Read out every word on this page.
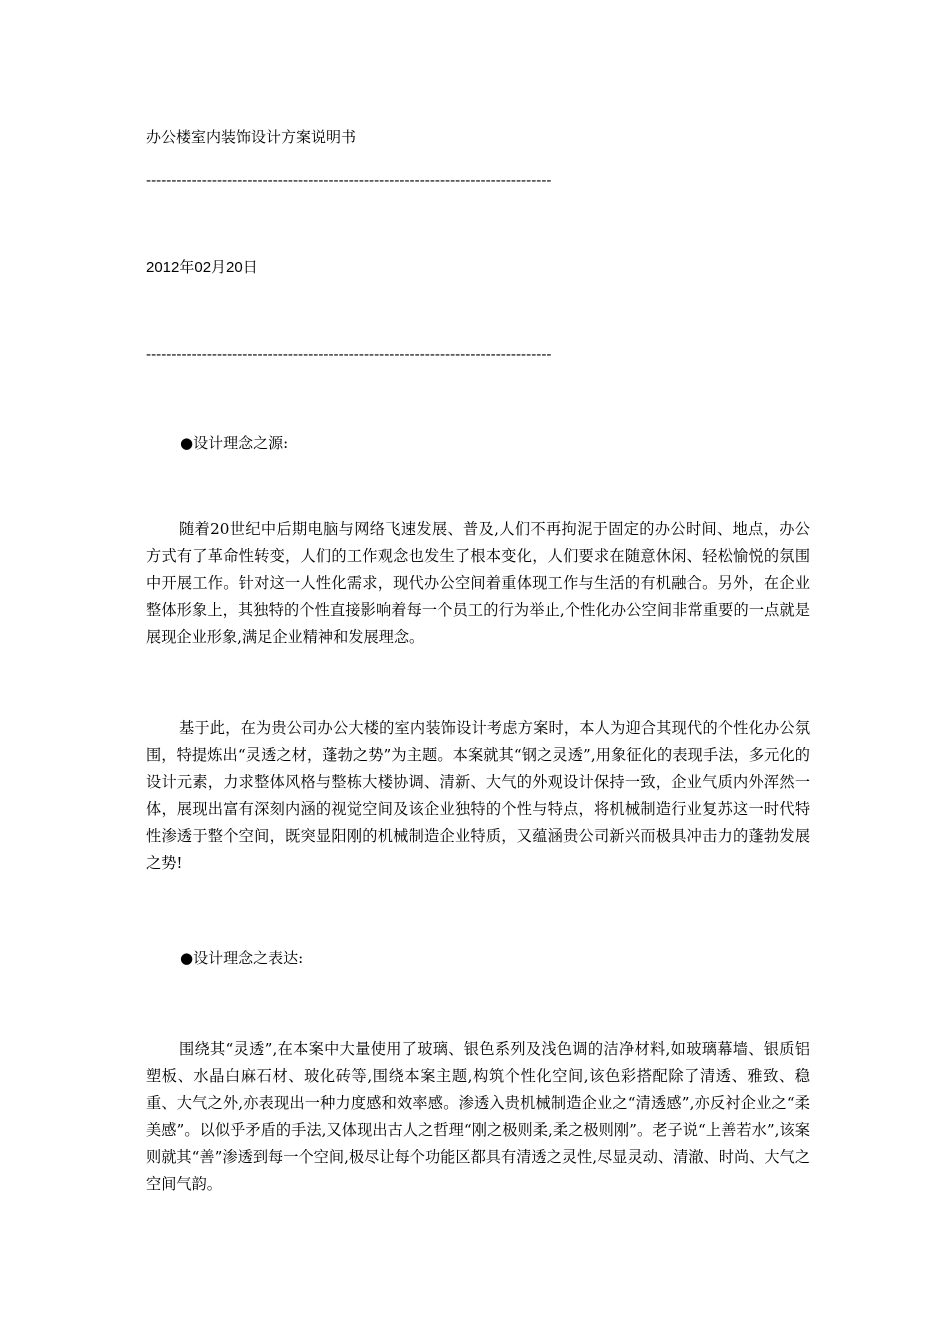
办公楼室内装饰设计方案说明书
--------------------------------------------------------------------------------
2012年02月20日
--------------------------------------------------------------------------------
●设计理念之源:

随着20世纪中后期电脑与网络飞速发展、普及,人们不再拘泥于固定的办公时间、地点，办公方式有了革命性转变，人们的工作观念也发生了根本变化，人们要求在随意休闲、轻松愉悦的氛围中开展工作。针对这一人性化需求，现代办公空间着重体现工作与生活的有机融合。另外，在企业整体形象上，其独特的个性直接影响着每一个员工的行为举止,个性化办公空间非常重要的一点就是展现企业形象,满足企业精神和发展理念。

基于此，在为贵公司办公大楼的室内装饰设计考虑方案时，本人为迎合其现代的个性化办公氛围，特提炼出“灵透之材，蓬勃之势”为主题。本案就其“钢之灵透”,用象征化的表现手法，多元化的设计元素，力求整体风格与整栋大楼协调、清新、大气的外观设计保持一致，企业气质内外浑然一体，展现出富有深刻内涵的视觉空间及该企业独特的个性与特点，将机械制造行业复苏这一时代特性渗透于整个空间，既突显阳刚的机械制造企业特质，又蕴涵贵公司新兴而极具冲击力的蓬勃发展之势!

●设计理念之表达:

围绕其“灵透”,在本案中大量使用了玻璃、银色系列及浅色调的洁净材料,如玻璃幕墙、银质铝塑板、水晶白麻石材、玻化砖等,围绕本案主题,构筑个性化空间,该色彩搭配除了清透、雅致、稳重、大气之外,亦表现出一种力度感和效率感。渗透入贵机械制造企业之“清透感”,亦反衬企业之“柔美感”。以似乎矛盾的手法,又体现出古人之哲理“刚之极则柔,柔之极则刚”。老子说“上善若水”,该案则就其“善”渗透到每一个空间,极尽让每个功能区都具有清透之灵性,尽显灵动、清澈、时尚、大气之空间气韵。
